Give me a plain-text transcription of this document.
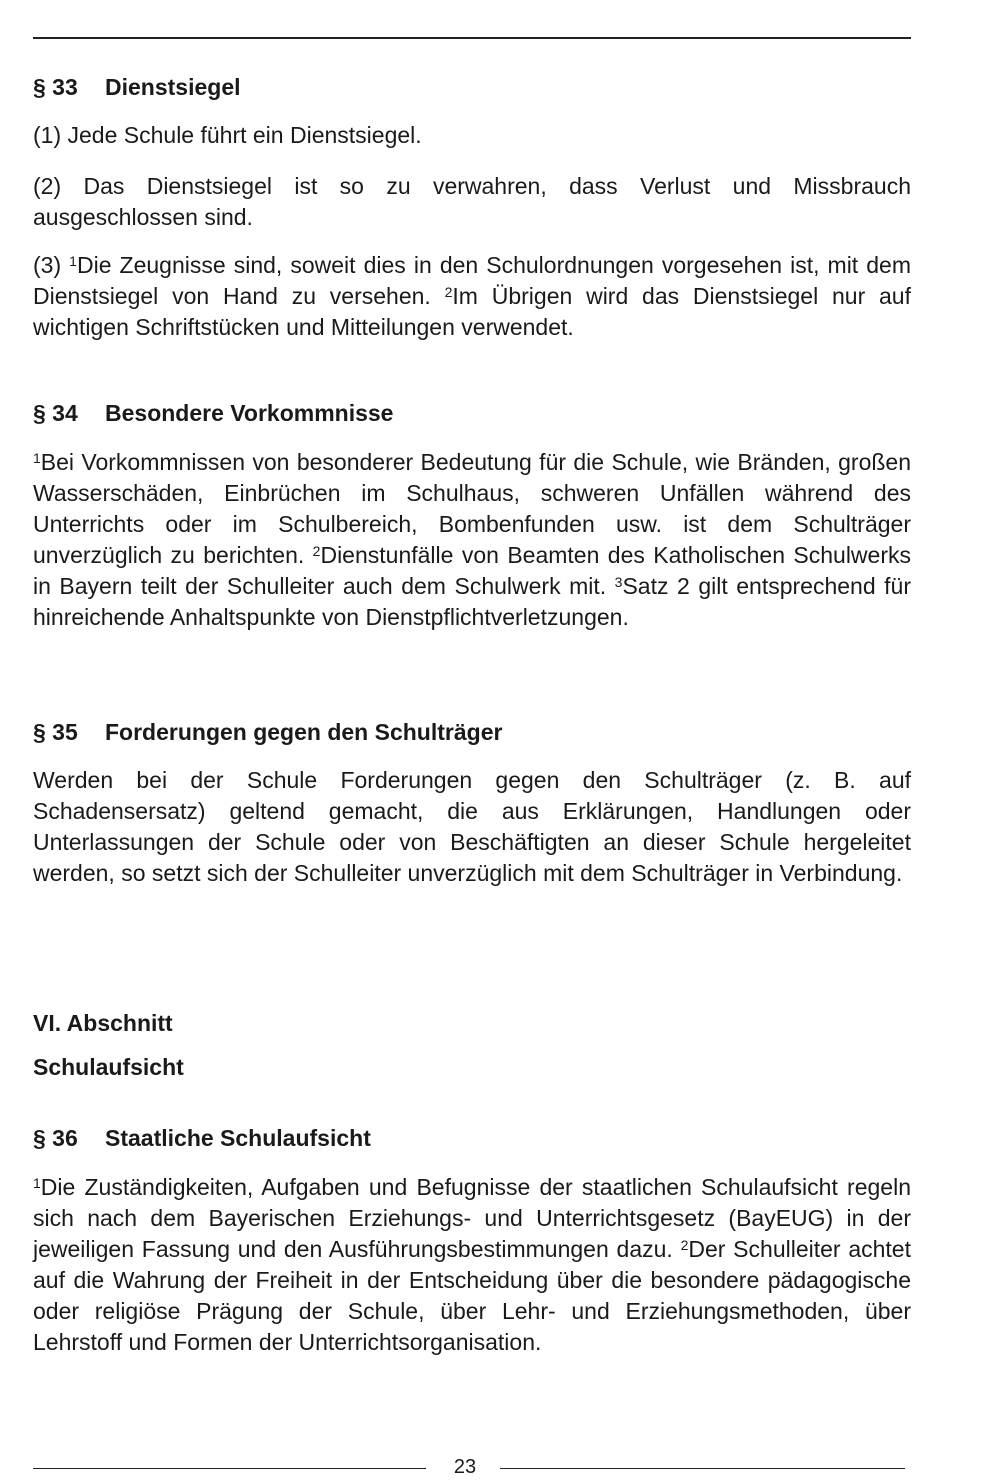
§ 33 Dienstsiegel

(1) Jede Schule führt ein Dienstsiegel.

(2) Das Dienstsiegel ist so zu verwahren, dass Verlust und Missbrauch ausgeschlossen sind.

(3) $^1$Die Zeugnisse sind, soweit dies in den Schulordnungen vorgesehen ist, mit dem Dienstsiegel von Hand zu versehen. $^2$Im Übrigen wird das Dienstsiegel nur auf wichtigen Schriftstücken und Mitteilungen verwendet.

§ 34 Besondere Vorkommnisse

$^1$Bei Vorkommnissen von besonderer Bedeutung für die Schule, wie Bränden, großen Wasserschäden, Einbrüchen im Schulhaus, schweren Unfällen während des Unterrichts oder im Schulbereich, Bombenfunden usw. ist dem Schulträger unverzüglich zu berichten. $^2$Dienstunfälle von Beamten des Katholischen Schulwerks in Bayern teilt der Schulleiter auch dem Schulwerk mit. $^3$Satz 2 gilt entsprechend für hinreichende Anhaltspunkte von Dienstpflichtverletzungen.

§ 35 Forderungen gegen den Schulträger

Werden bei der Schule Forderungen gegen den Schulträger (z. B. auf Schadensersatz) geltend gemacht, die aus Erklärungen, Handlungen oder Unterlassungen der Schule oder von Beschäftigten an dieser Schule hergeleitet werden, so setzt sich der Schulleiter unverzüglich mit dem Schulträger in Verbindung.

VI. Abschnitt
Schulaufsicht
§ 36 Staatliche Schulaufsicht

$^1$Die Zuständigkeiten, Aufgaben und Befugnisse der staatlichen Schulaufsicht regeln sich nach dem Bayerischen Erziehungs- und Unterrichtsgesetz (BayEUG) in der jeweiligen Fassung und den Ausführungsbestimmungen dazu. $^2$Der Schulleiter achtet auf die Wahrung der Freiheit in der Entscheidung über die besondere pädagogische oder religiöse Prägung der Schule, über Lehr- und Erziehungsmethoden, über Lehrstoff und Formen der Unterrichtsorganisation.

23
